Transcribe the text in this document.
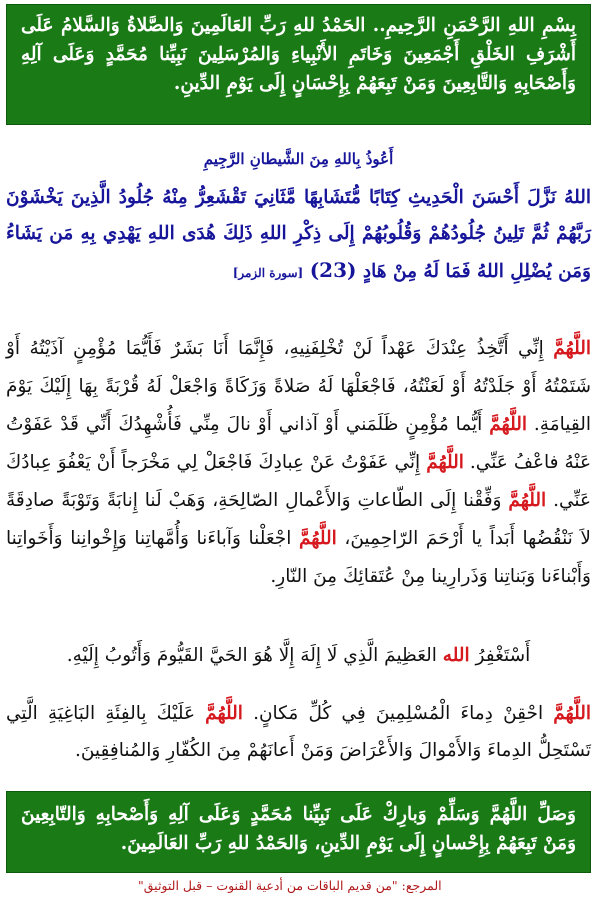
بِسْمِ اللهِ الرَّحْمَنِ الرَّحِيمِ.. الحَمْدُ للهِ رَبِّ العَالَمِينَ وَالصَّلاةُ وَالسَّلامُ عَلَى أَشْرَفِ الخَلْقِ أَجْمَعِينَ وَخَاتَمِ الأَنْبِياءِ وَالمُرْسَلِينَ نَبِيِّنا مُحَمَّدٍ وَعَلَى آلِهِ وَأَصْحَابِهِ وَالتَّابِعِينَ وَمَنْ تَبِعَهُمْ بِإِحْسَانٍ إِلَى يَوْمِ الدِّينِ.

أَعُوذُ بِاللهِ مِنَ الشَّيطانِ الرَّجِيمِ

اللهُ نَزَّلَ أَحْسَنَ الْحَدِيثِ كِتَابًا مُّتَشَابِهًا مَّثَانِيَ تَقْشَعِرُّ مِنْهُ جُلُودُ الَّذِينَ يَخْشَوْنَ رَبَّهُمْ ثُمَّ تَلِينُ جُلُودُهُمْ وَقُلُوبُهُمْ إِلَى ذِكْرِ اللهِ ذَلِكَ هُدَى اللهِ يَهْدِي بِهِ مَن يَشَاءُ وَمَن يُضْلِلِ اللهُ فَمَا لَهُ مِنْ هَادٍ (23) [سورة الزمر]

اللَّهُمَّ إِنِّي أَتَّخِذُ عِنْدَكَ عَهْداً لَنْ تُخْلِفَنِيهِ، فَإِنَّمَا أَنَا بَشَرٌ فَأَيُّمَا مُؤْمِنٍ آذَيْتُهُ أَوْ شَتَمْتُهُ أَوْ جَلَدْتُهُ أَوْ لَعَنْتُهُ، فَاجْعَلْهَا لَهُ صَلاةً وَزَكَاةً وَاجْعَلْ لَهُ قُرْبَةً بِهَا إِلَيْكَ يَوْمَ القِيامَةِ. اللَّهُمَّ أَيُّما مُؤْمِنٍ ظَلَمَني أَوْ آذاني أَوْ نالَ مِنِّي فَأُشْهِدُكَ أَنِّي قَدْ عَفَوْتُ عَنْهُ فاعْفُ عَنِّي. اللَّهُمَّ إِنِّي عَفَوْتُ عَنْ عِبادِكَ فَاجْعَلْ لِي مَخْرَجاً أَنْ يَعْفُوَ عِبادُكَ عَنِّي. اللَّهُمَّ وَفِّقْنا إِلَى الطّاعاتِ وَالأَعْمالِ الصّالِحَةِ، وَهَبْ لَنا إِنابَةً وَتَوْبَةً صادِقَةً لاَ نَنْقُضُها أَبَداً يا أَرْحَمَ الرّاحِمِينَ، اللَّهُمَّ اجْعَلْنا وَآباءَنا وَأُمَّهاتِنا وَإِخْوانِنا وَأَخَواتِنا وَأَبْناءَنا وَبَناتِنا وَذَرارِينا مِنْ عُتَقائِكَ مِنَ النّارِ.

أَسْتَغْفِرُ الله العَظِيمَ الَّذِي لَا إِلَهَ إِلَّا هُوَ الحَيَّ القَيُّومَ وَأَتُوبُ إِلَيْهِ.

اللَّهُمَّ احْقِنْ دِماءَ الْمُسْلِمِينَ فِي كُلِّ مَكانٍ. اللَّهُمَّ عَلَيْكَ بِالفِئَةِ البَاغِيَةِ الَّتِي تَسْتَحِلُّ الدِماءَ وَالأَمْوالَ وَالأَعْرَاضَ وَمَنْ أَعانَهُمْ مِنَ الكُفّارِ وَالمُنافِقِينَ.

وَصَلِّ اللَّهُمَّ وَسَلِّمْ وَبارِكْ عَلَى نَبِيِّنا مُحَمَّدٍ وَعَلَى آلِهِ وَأَصْحابِهِ وَالتّابِعِينَ وَمَنْ تَبِعَهُمْ بِإِحْسانٍ إِلَى يَوْمِ الدِّينِ، وَالحَمْدُ للهِ رَبِّ العَالَمِينَ.

المرجع: "من قديم الباقات من أدعية القنوت – قبل التوثيق"
